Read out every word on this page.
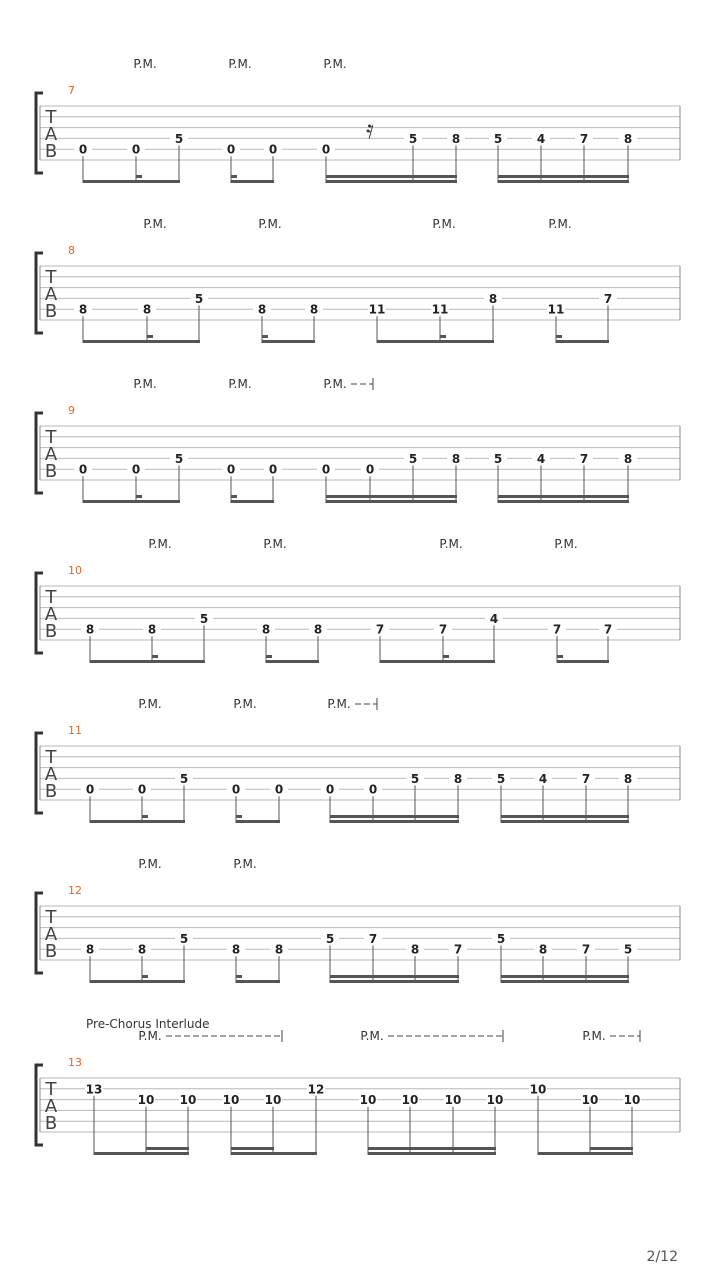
T
A
B
7
P.M.	P.M.	P.M.
𝄿
0	0
5
0	0	0
5	8	5	4	7	8
T
A
B
8
P.M.	P.M.	P.M.	P.M.
8	8
5
8	8	11	11
8
11
7
T
A
B
9
P.M.	P.M.	P.M.
0	0
5
0	0	0	0
5	8	5	4	7	8
T
A
B
10
P.M.	P.M.	P.M.	P.M.
8	8
5
8	8	7	7
4
7	7
T
A
B
11
P.M.	P.M.	P.M.
0	0
5
0	0	0	0
5	8	5	4	7	8
T
A
B
12
P.M.	P.M.
8	8
5
8	8
5	7
8	7
5
8	7	5
T
A
B
13
Pre-Chorus Interlude
P.M.	P.M.	P.M.
13
10 10 10 10
12
10 10 10 10
10
10 10
2/12
